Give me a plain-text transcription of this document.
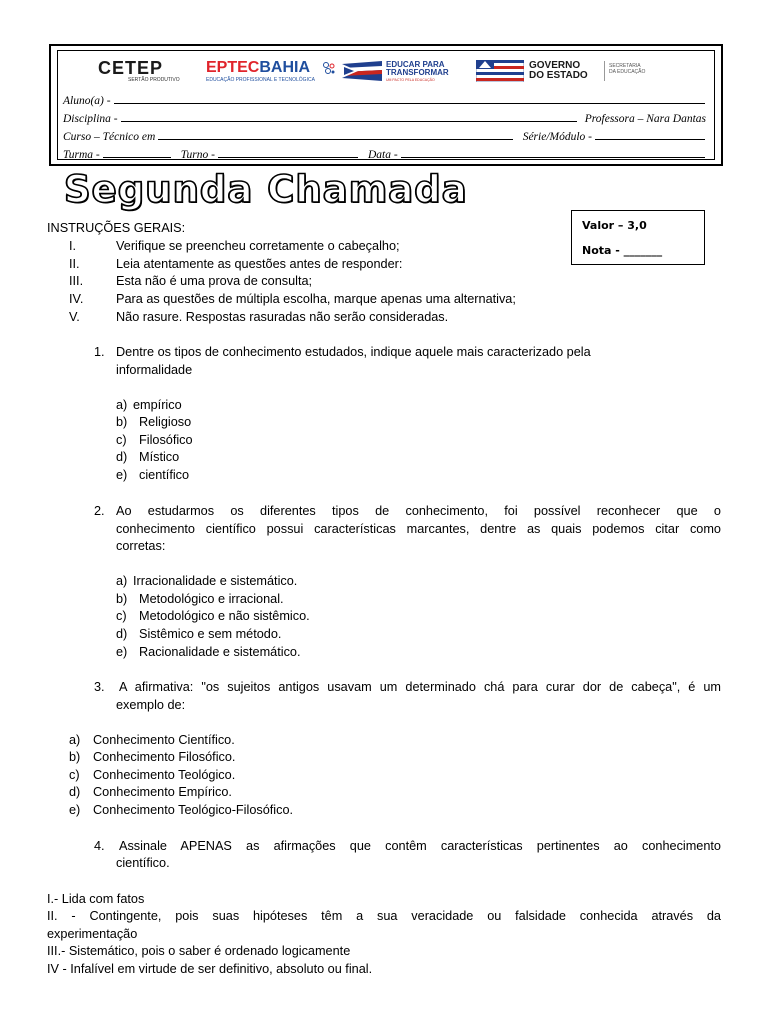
CETEP
SERTÃO PRODUTIVO
EPTECBAHIA
EDUCAÇÃO PROFISSIONAL E TECNOLÓGICA
EDUCAR PARA
TRANSFORMAR
UM PACTO PELA EDUCAÇÃO
GOVERNO
DO ESTADO
SECRETARIA
DA EDUCAÇÃO
Aluno(a) -
Disciplina -	Professora – Nara Dantas
Curso – Técnico em	Série/Módulo -
Turma -	Turno -	Data -
Segunda Chamada
Valor – 3,0
Nota - _______
INSTRUÇÕES GERAIS:
I.	Verifique se preencheu corretamente o cabeçalho;
II.	Leia atentamente as questões antes de responder:
III.	Esta não é uma prova de consulta;
IV.	Para as questões de múltipla escolha, marque apenas uma alternativa;
V.	Não rasure. Respostas rasuradas não serão consideradas.
1. Dentre os tipos de conhecimento estudados, indique aquele mais caracterizado pela
informalidade
a) empírico
b) Religioso
c) Filosófico
d) Místico
e) científico
2. Ao estudarmos os diferentes tipos de conhecimento, foi possível reconhecer que o
conhecimento científico possui características marcantes, dentre as quais podemos citar como
corretas:
a) Irracionalidade e sistemático.
b) Metodológico e irracional.
c) Metodológico e não sistêmico.
d) Sistêmico e sem método.
e) Racionalidade e sistemático.
3. A afirmativa: "os sujeitos antigos usavam um determinado chá para curar dor de cabeça", é um
exemplo de:
a) Conhecimento Científico.
b) Conhecimento Filosófico.
c) Conhecimento Teológico.
d) Conhecimento Empírico.
e) Conhecimento Teológico-Filosófico.
4. Assinale APENAS as afirmações que contêm características pertinentes ao conhecimento
científico.
I.- Lida com fatos
II. - Contingente, pois suas hipóteses têm a sua veracidade ou falsidade conhecida através da
experimentação
III.- Sistemático, pois o saber é ordenado logicamente
IV - Infalível em virtude de ser definitivo, absoluto ou final.
